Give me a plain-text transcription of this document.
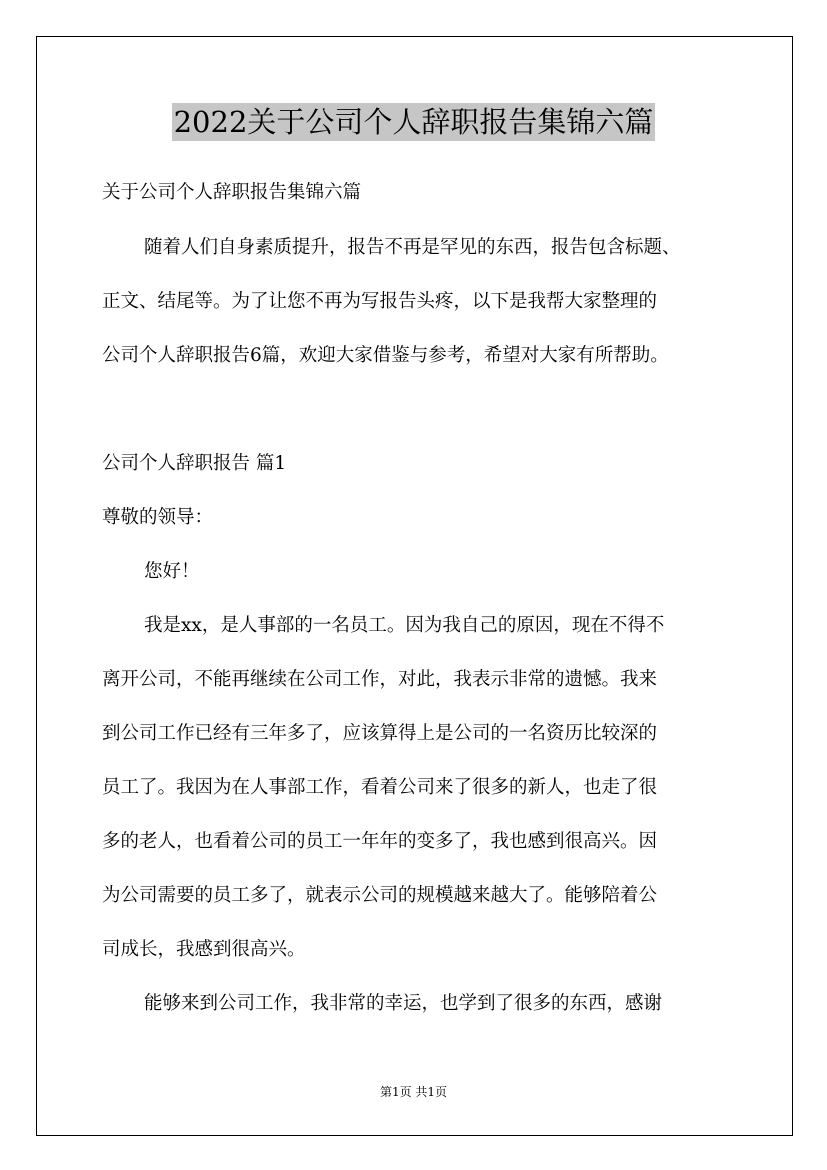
2022关于公司个人辞职报告集锦六篇
关于公司个人辞职报告集锦六篇
随着人们自身素质提升，报告不再是罕见的东西，报告包含标题、
正文、结尾等。为了让您不再为写报告头疼，以下是我帮大家整理的
公司个人辞职报告6篇，欢迎大家借鉴与参考，希望对大家有所帮助。
公司个人辞职报告 篇1
尊敬的领导：
您好！
我是xx，是人事部的一名员工。因为我自己的原因，现在不得不
离开公司，不能再继续在公司工作，对此，我表示非常的遗憾。我来
到公司工作已经有三年多了，应该算得上是公司的一名资历比较深的
员工了。我因为在人事部工作，看着公司来了很多的新人，也走了很
多的老人，也看着公司的员工一年年的变多了，我也感到很高兴。因
为公司需要的员工多了，就表示公司的规模越来越大了。能够陪着公
司成长，我感到很高兴。
能够来到公司工作，我非常的幸运，也学到了很多的东西，感谢
第1页 共1页
